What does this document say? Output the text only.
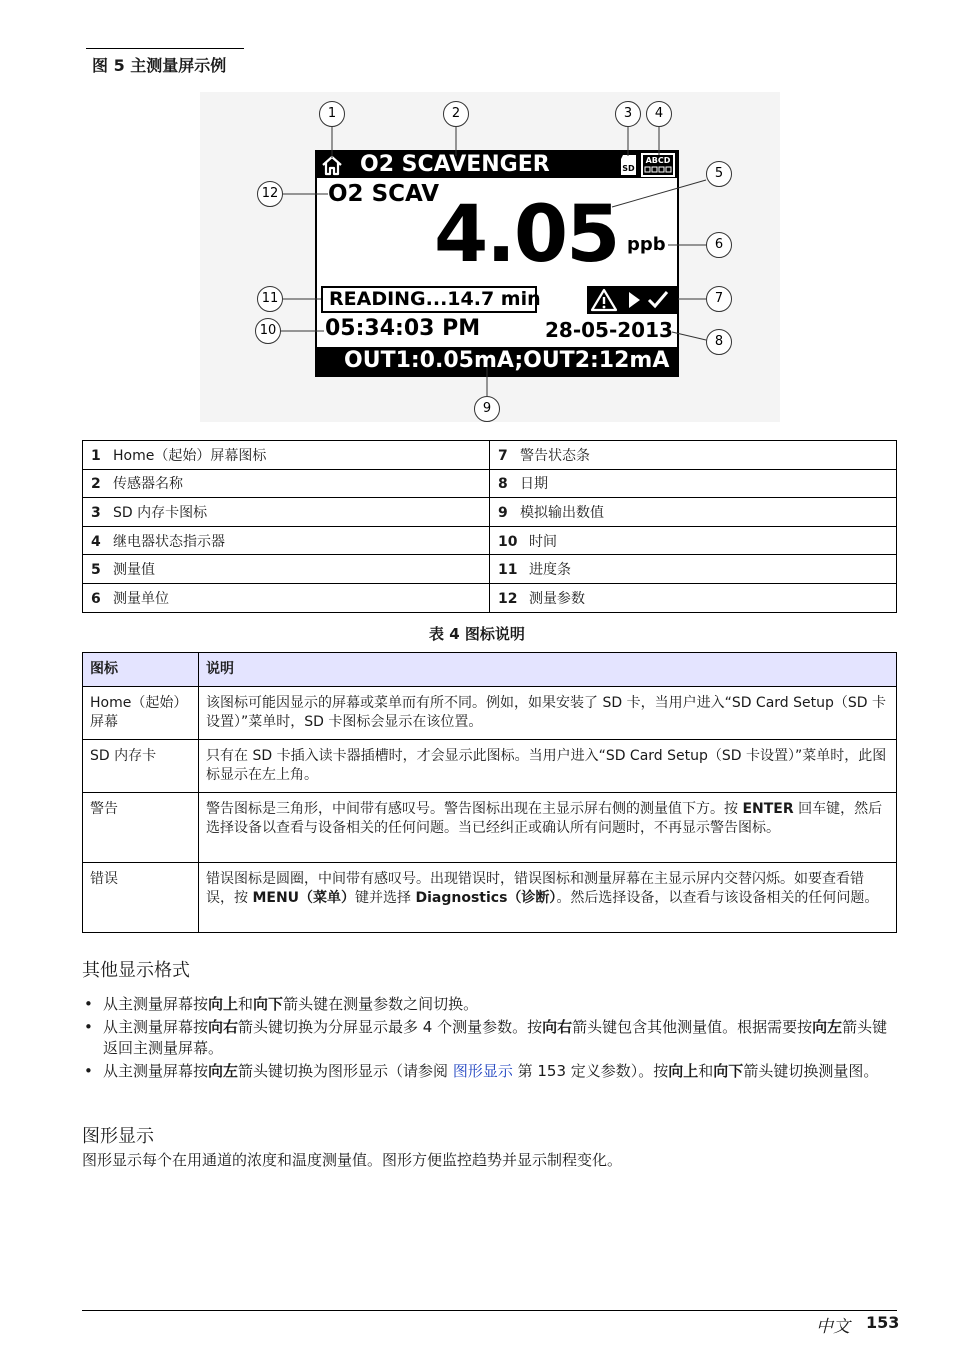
图 5 主测量屏示例
O2 SCAVENGER	SD
ABCD
O2 SCAV
4.05 ppb
READING...14.7 min
05:34:03 PM	28-05-2013
OUT1:0.05mA;OUT2:12mA
1	2	3	4
5
6
7
8
9
10
11
12
1 Home（起始）屏幕图标	7 警告状态条
2 传感器名称	8 日期
3 SD 内存卡图标	9 模拟输出数值
4 继电器状态指示器	10 时间
5 测量值	11 进度条
6 测量单位	12 测量参数
表 4 图标说明
图标	说明
Home（起始）屏幕	该图标可能因显示的屏幕或菜单而有所不同。例如，如果安装了 SD 卡，当用户进入“SD Card Setup（SD 卡设置）”菜单时，SD 卡图标会显示在该位置。
SD 内存卡	只有在 SD 卡插入读卡器插槽时，才会显示此图标。当用户进入“SD Card Setup（SD 卡设置）”菜单时，此图标显示在左上角。
警告	警告图标是三角形，中间带有感叹号。警告图标出现在主显示屏右侧的测量值下方。按 ENTER 回车键，然后选择设备以查看与设备相关的任何问题。当已经纠正或确认所有问题时，不再显示警告图标。
错误	错误图标是圆圈，中间带有感叹号。出现错误时，错误图标和测量屏幕在主显示屏内交替闪烁。如要查看错误，按 MENU（菜单）键并选择 Diagnostics（诊断）。然后选择设备，以查看与该设备相关的任何问题。
其他显示格式
• 从主测量屏幕按向上和向下箭头键在测量参数之间切换。
• 从主测量屏幕按向右箭头键切换为分屏显示最多 4 个测量参数。按向右箭头键包含其他测量值。根据需要按向左箭头键返回主测量屏幕。
• 从主测量屏幕按向左箭头键切换为图形显示（请参阅 图形显示 第 153 定义参数）。按向上和向下箭头键切换测量图。
图形显示
图形显示每个在用通道的浓度和温度测量值。图形方便监控趋势并显示制程变化。
中文 153
